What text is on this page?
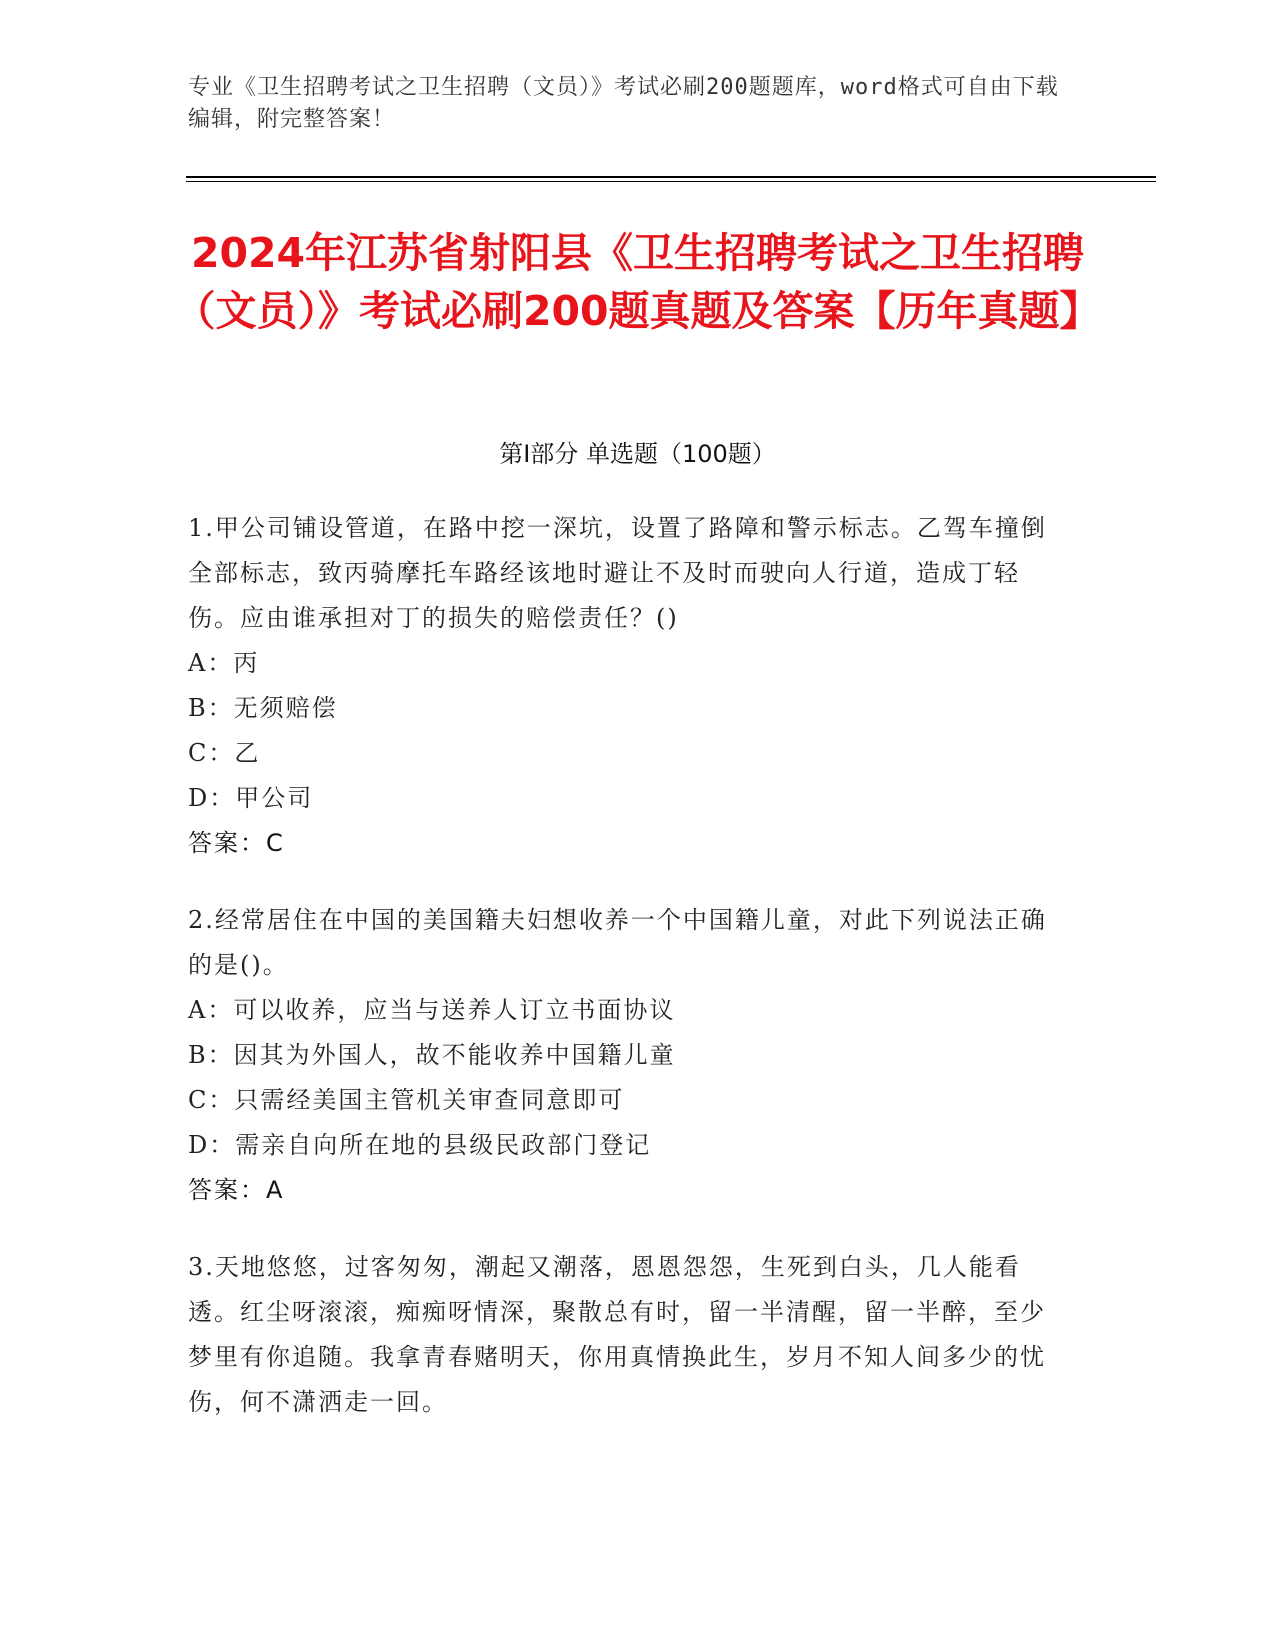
专业《卫生招聘考试之卫生招聘（文员）》考试必刷200题题库，word格式可自由下载编辑，附完整答案！
2024年江苏省射阳县《卫生招聘考试之卫生招聘（文员）》考试必刷200题真题及答案【历年真题】
第Ⅰ部分 单选题（100题）

1.甲公司铺设管道，在路中挖一深坑，设置了路障和警示标志。乙驾车撞倒全部标志，致丙骑摩托车路经该地时避让不及时而驶向人行道，造成丁轻伤。应由谁承担对丁的损失的赔偿责任？()

A：丙

B：无须赔偿

C：乙

D：甲公司

答案：C

2.经常居住在中国的美国籍夫妇想收养一个中国籍儿童，对此下列说法正确的是()。

A：可以收养，应当与送养人订立书面协议

B：因其为外国人，故不能收养中国籍儿童

C：只需经美国主管机关审查同意即可

D：需亲自向所在地的县级民政部门登记

答案：A

3.天地悠悠，过客匆匆，潮起又潮落，恩恩怨怨，生死到白头，几人能看透。红尘呀滚滚，痴痴呀情深，聚散总有时，留一半清醒，留一半醉，至少梦里有你追随。我拿青春赌明天，你用真情换此生，岁月不知人间多少的忧伤，何不潇洒走一回。
